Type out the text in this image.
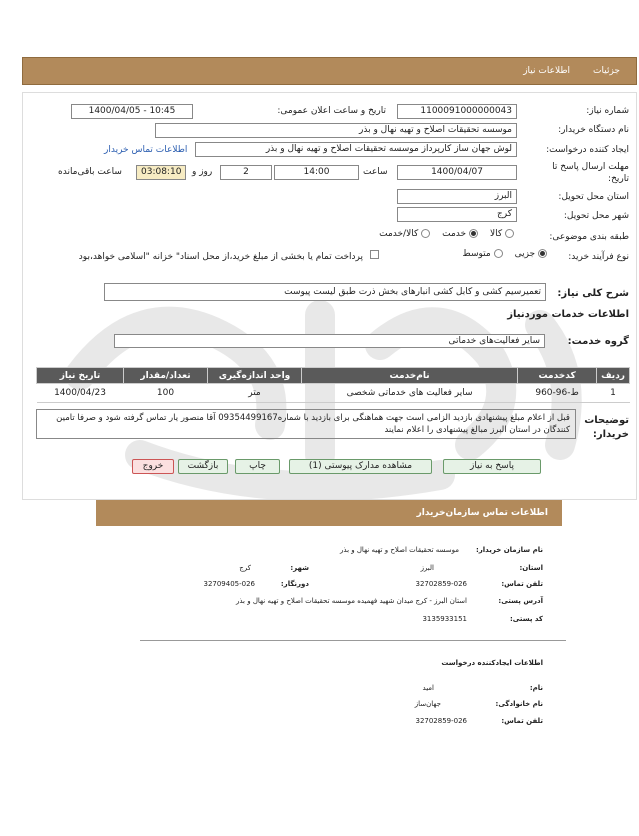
اطلاعات نیاز	جزئیات
شماره نیاز:
1100091000000043
تاریخ و ساعت اعلان عمومی:
1400/04/05 - 10:45
نام دستگاه خریدار:
موسسه تحقیقات اصلاح و تهیه نهال و بذر
ایجاد کننده درخواست:
لوش جهان ساز کارپرداز موسسه تحقیقات اصلاح و تهیه نهال و بذر
اطلاعات تماس خریدار
مهلت ارسال پاسخ تا
تاریخ:
1400/04/07
ساعت
14:00
2
روز و
03:08:10
ساعت باقی‌مانده
استان محل تحویل:
البرز
شهر محل تحویل:
کرج
طبقه بندی موضوعی:
کالا
خدمت
کالا/خدمت
نوع فرآیند خرید:
جزیی
متوسط
پرداخت تمام یا بخشی از مبلغ خرید،از محل اسناد" خزانه "اسلامی خواهد،بود
شرح کلی نیاز:
تعمیرسیم کشی و کابل کشی انبارهای بخش ذرت طبق لیست پیوست
اطلاعات خدمات موردنیاز
گروه خدمت:
سایر فعالیت‌های خدماتی
ردیف	کدخدمت	نام‌خدمت	واحد اندازه‌گیری	تعداد/مقدار	تاریخ نیاز
1	ط-96-960	سایر فعالیت های خدماتی شخصی	متر	100	1400/04/23
توضیحات
خریدار:
قبل از اعلام مبلغ پیشنهادی بازدید الزامی است جهت هماهنگی برای بازدید با شماره09354499167 آقا منصور یار تماس گرفته شود و صرفا تامین کنندگان در استان البرز مبالغ پیشنهادی را اعلام نمایند
پاسخ به نیاز
مشاهده مدارک پیوستی (1)
چاپ
بازگشت
خروج
اطلاعات تماس سازمان‌خریدار
نام سازمان خریدار:
موسسه تحقیقات اصلاح و تهیه نهال و بذر
استان:
البرز
شهر:
کرج
تلفن تماس:
32702859-026
دورنگار:
32709405-026
آدرس پستی:
استان البرز - کرج میدان شهید فهمیده موسسه تحقیقات اصلاح و تهیه نهال و بذر
کد پستی:
3135933151
اطلاعات ایجادکننده درخواست
نام:
امید
نام خانوادگی:
جهان‌ساز
تلفن تماس:
32702859-026
